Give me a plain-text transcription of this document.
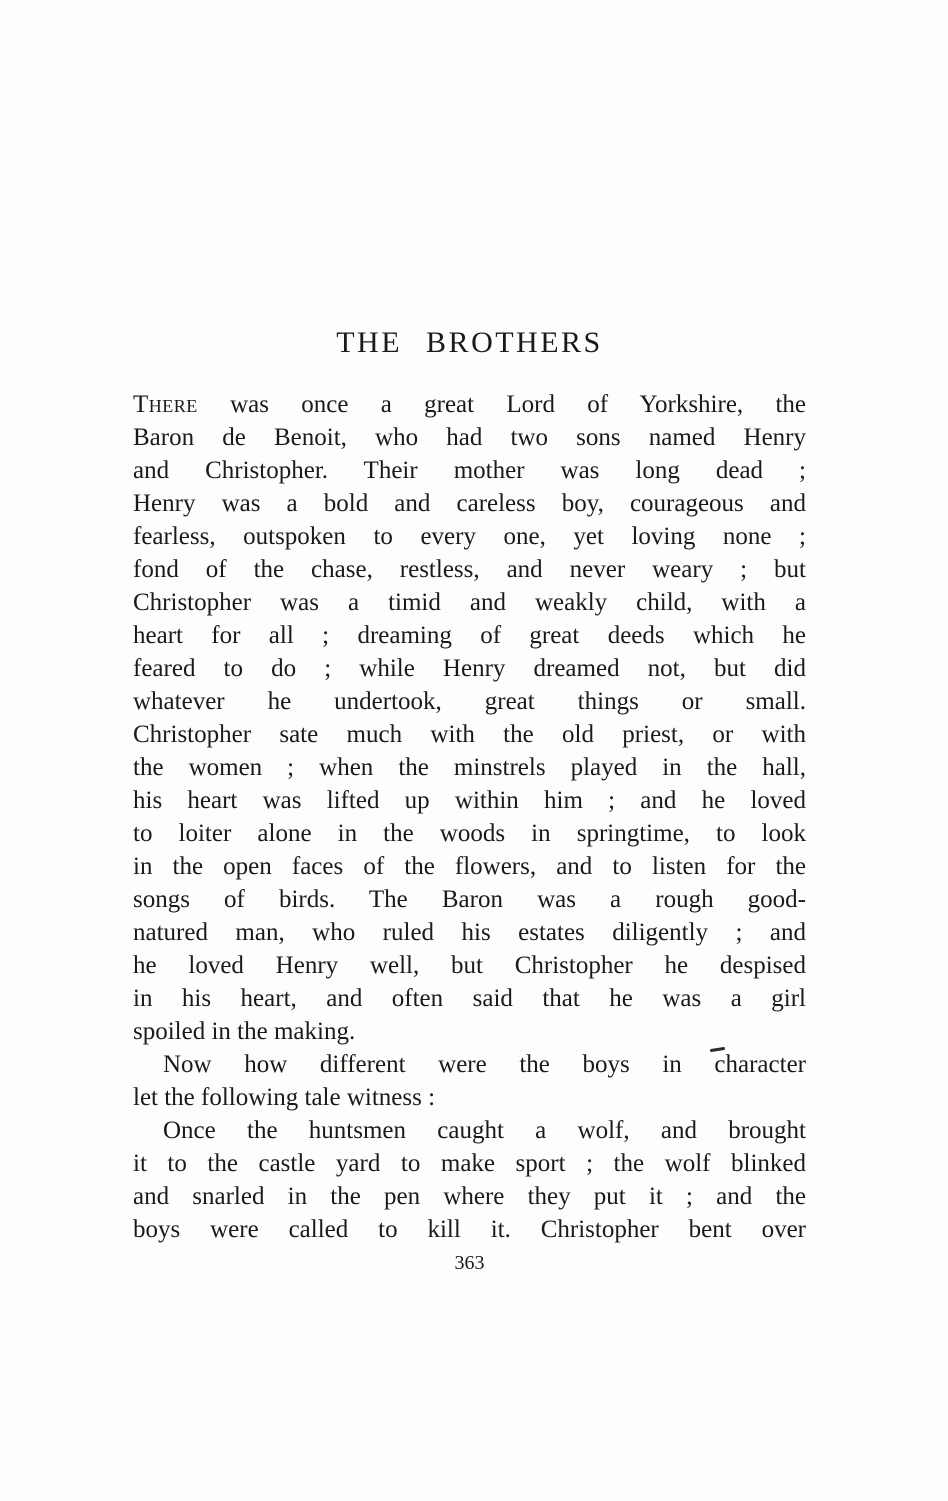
THE BROTHERS
There was once a great Lord of Yorkshire, the
Baron de Benoit, who had two sons named Henry
and Christopher. Their mother was long dead ;
Henry was a bold and careless boy, courageous and
fearless, outspoken to every one, yet loving none ;
fond of the chase, restless, and never weary ; but
Christopher was a timid and weakly child, with a
heart for all ; dreaming of great deeds which he
feared to do ; while Henry dreamed not, but did
whatever he undertook, great things or small.
Christopher sate much with the old priest, or with
the women ; when the minstrels played in the hall,
his heart was lifted up within him ; and he loved
to loiter alone in the woods in springtime, to look
in the open faces of the flowers, and to listen for the
songs of birds. The Baron was a rough good-
natured man, who ruled his estates diligently ; and
he loved Henry well, but Christopher he despised
in his heart, and often said that he was a girl
spoiled in the making.
Now how different were the boys in character
let the following tale witness :
Once the huntsmen caught a wolf, and brought
it to the castle yard to make sport ; the wolf blinked
and snarled in the pen where they put it ; and the
boys were called to kill it. Christopher bent over
363
